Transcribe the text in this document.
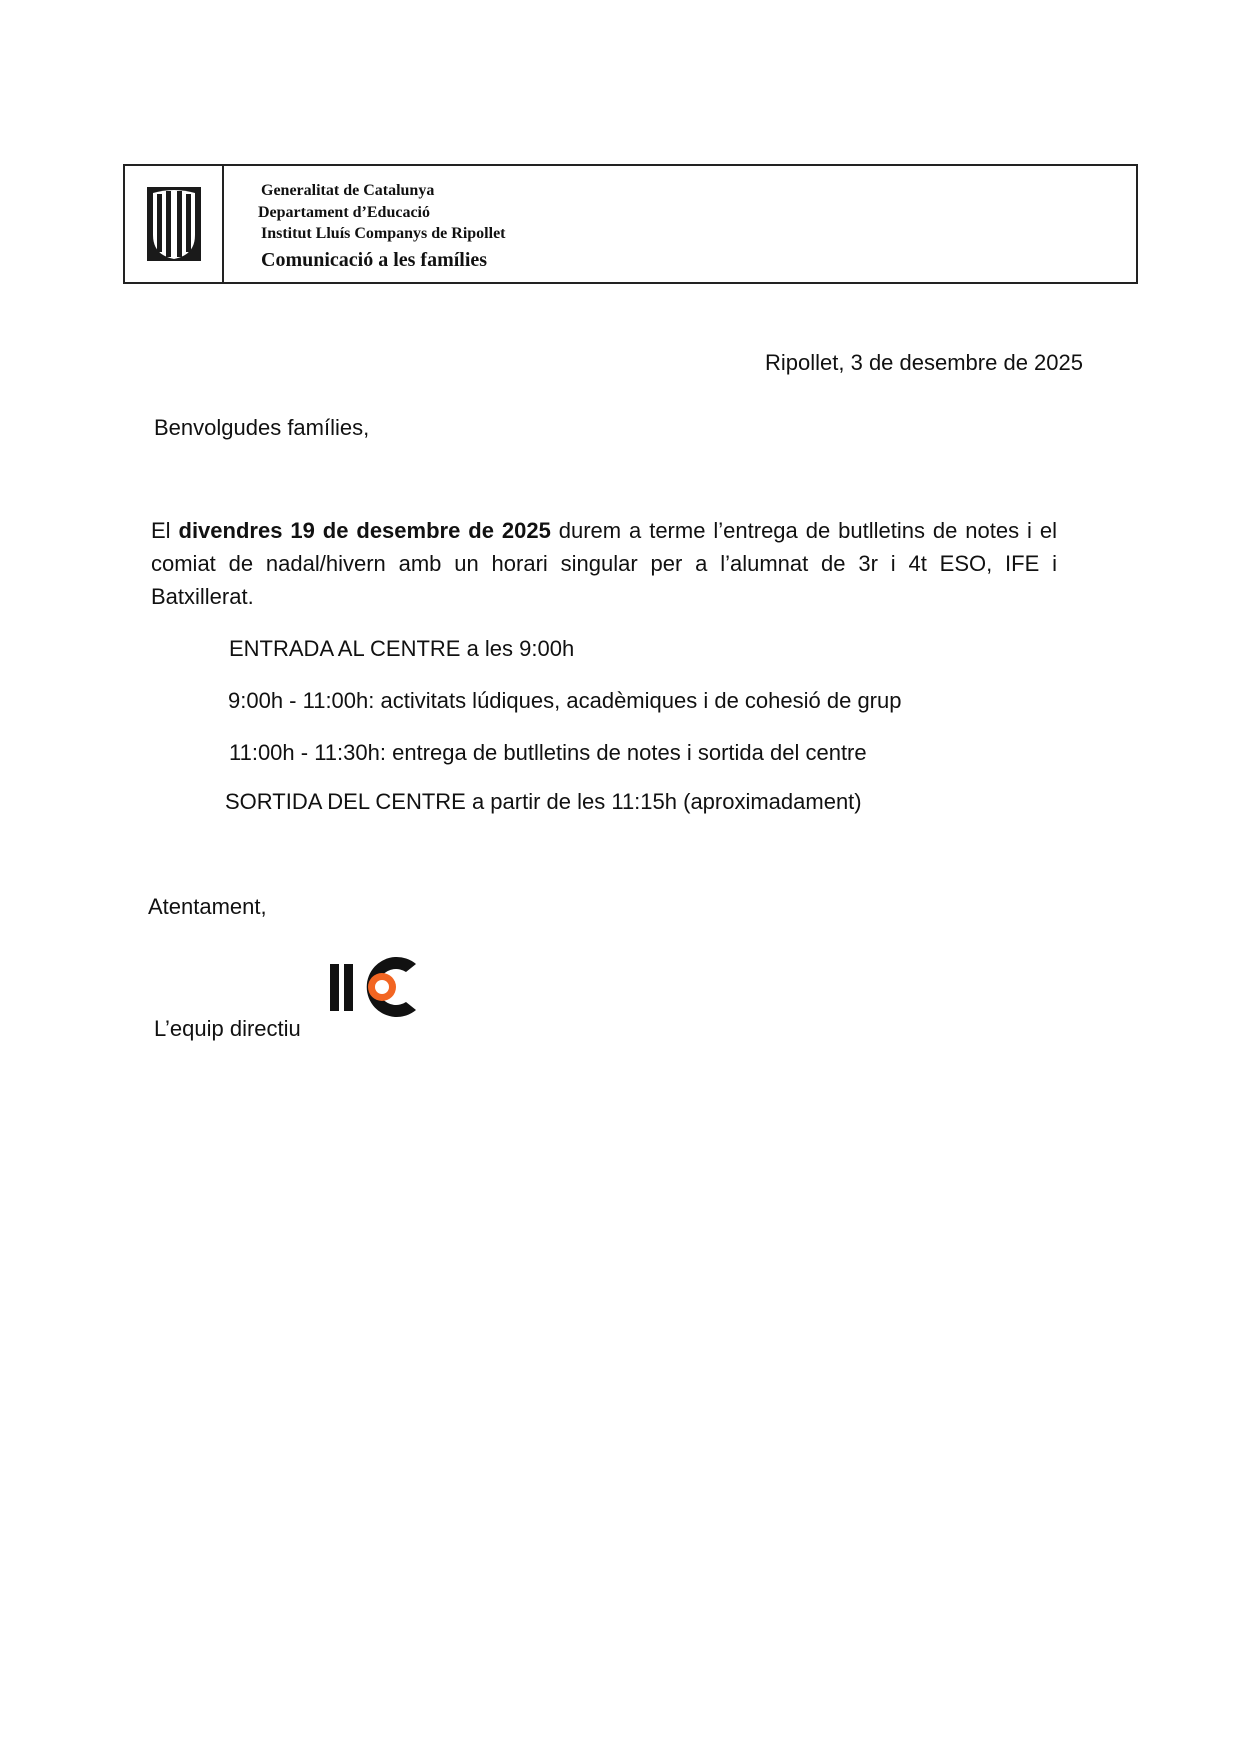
Generalitat de Catalunya
Departament d’Educació
Institut Lluís Companys de Ripollet
Comunicació a les famílies
Ripollet, 3 de desembre de 2025
Benvolgudes famílies,

El divendres 19 de desembre de 2025 durem a terme l’entrega de butlletins de notes i el comiat de nadal/hivern amb un horari singular per a l’alumnat de 3r i 4t ESO, IFE i Batxillerat.

ENTRADA AL CENTRE a les 9:00h
9:00h - 11:00h: activitats lúdiques, acadèmiques i de cohesió de grup
11:00h - 11:30h: entrega de butlletins de notes i sortida del centre
SORTIDA DEL CENTRE a partir de les 11:15h (aproximadament)
Atentament,
L’equip directiu
